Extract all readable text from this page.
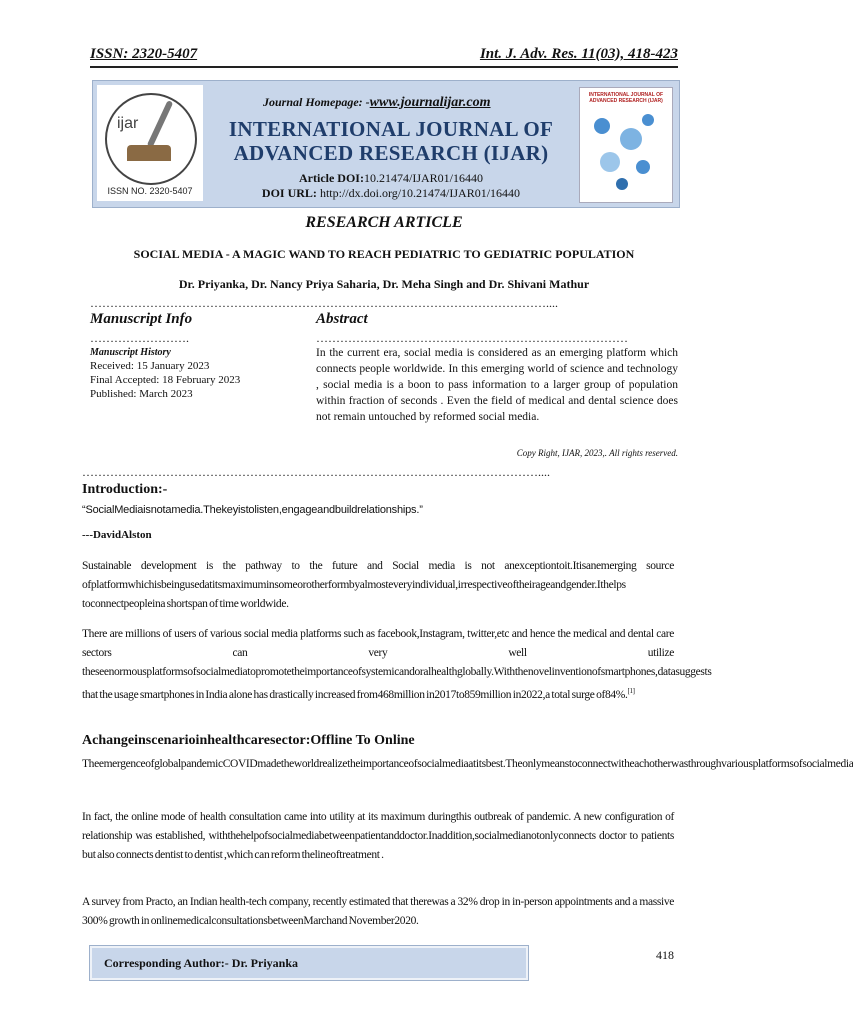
ISSN: 2320-5407	Int. J. Adv. Res. 11(03), 418-423
ijar
ISSN NO. 2320-5407
Journal Homepage: -www.journalijar.com
INTERNATIONAL JOURNAL OF
ADVANCED RESEARCH (IJAR)
Article DOI:10.21474/IJAR01/16440
DOI URL: http://dx.doi.org/10.21474/IJAR01/16440
INTERNATIONAL JOURNAL OF ADVANCED RESEARCH (IJAR)
RESEARCH ARTICLE
SOCIAL MEDIA - A MAGIC WAND TO REACH PEDIATRIC TO GEDIATRIC POPULATION
Dr. Priyanka, Dr. Nancy Priya Saharia, Dr. Meha Singh and Dr. Shivani Mathur
……………………………………………………………………………………………………....
Manuscript Info	Abstract
…………………….	……………………………………………………………………
Manuscript History
Received: 15 January 2023
Final Accepted: 18 February 2023
Published: March 2023
In the current era, social media is considered as an emerging platform which connects people worldwide. In this emerging world of science and technology , social media is a boon to pass information to a larger group of population within fraction of seconds . Even the field of medical and dental science does not remain untouched by reformed social media.
Copy Right, IJAR, 2023,. All rights reserved.
……………………………………………………………………………………………………....
Introduction:-
“SocialMediaisnotamedia.Thekeyistolisten,engageandbuildrelationships.”
---DavidAlston
Sustainable development is the pathway to the future and Social media is not anexceptiontoit.Itisanemerging source ofplatformwhichisbeingusedatitsmaximuminsomeorotherformbyalmosteveryindividual,irrespectiveoftheirageandgender.Ithelps toconnectpeopleina shortspan of time worldwide.
There are millions of users of various social media platforms such as facebook,Instagram, twitter,etc and hence the medical and dental care sectors can very well utilize theseenormousplatformsofsocialmediatopromotetheimportanceofsystemicandoralhealthglobally.Withthenovelinventionofsmartphones,datasuggests that the usage smartphones in India alone has drastically increased from468million in2017to859million in2022,a total surge of84%.[1]
Achangeinscenarioinhealthcaresector:Offline To Online
TheemergenceofglobalpandemicCOVIDmadetheworldrealizetheimportanceofsocialmediaatitsbest.Theonlymeanstoconnectwitheachotherwasthroughvariousplatformsofsocialmedia
In fact, the online mode of health consultation came into utility at its maximum duringthis outbreak of pandemic. A new configuration of relationship was established, withthehelpofsocialmediabetweenpatientanddoctor.Inaddition,socialmedianotonlyconnects doctor to patients but also connects dentist to dentist ,which can reform thelineoftreatment .
A survey from Practo, an Indian health-tech company, recently estimated that therewas a 32% drop in in-person appointments and a massive 300% growth in onlinemedicalconsultationsbetweenMarchand November2020.
Corresponding Author:- Dr. Priyanka
418
